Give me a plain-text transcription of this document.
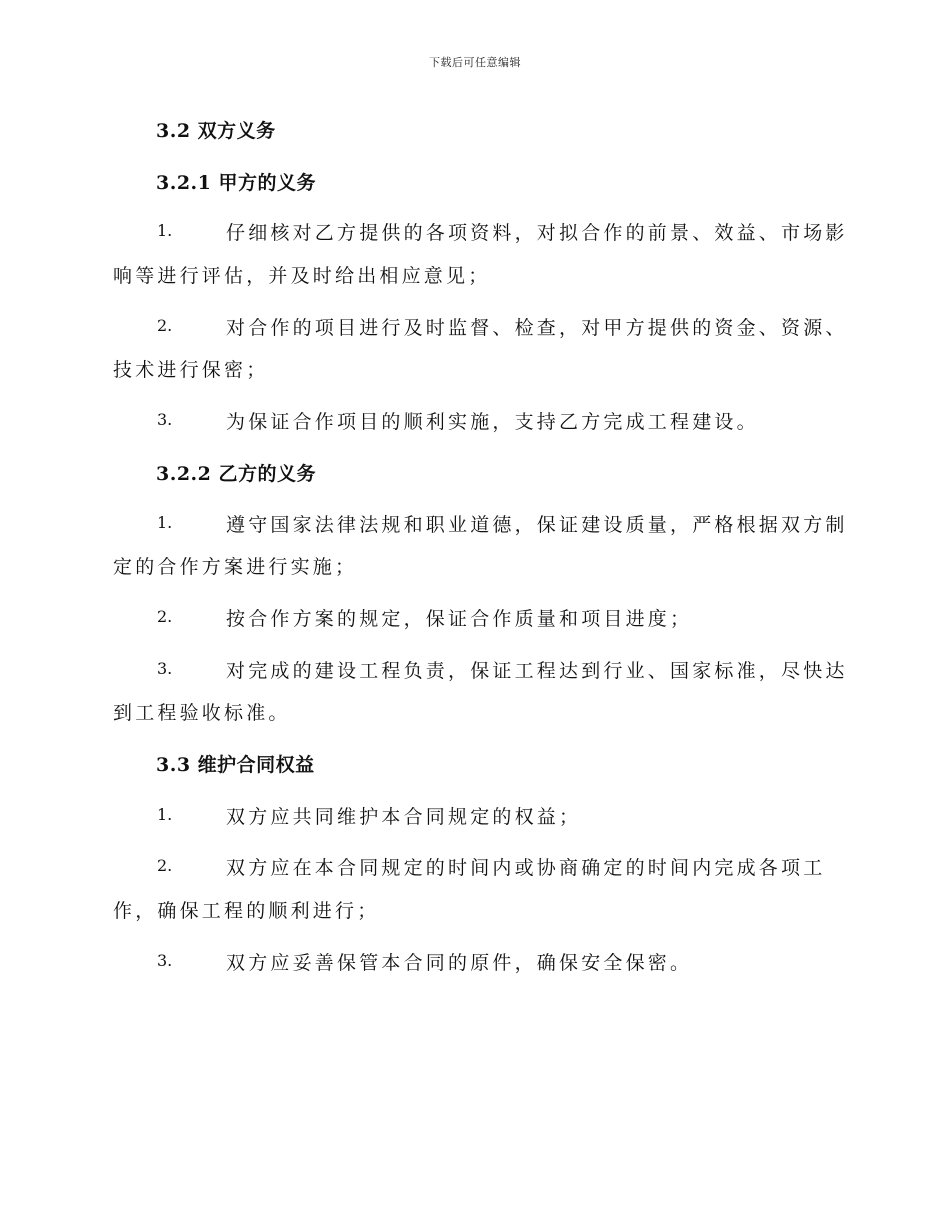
下载后可任意编辑
3.2 双方义务
3.2.1 甲方的义务
1.	仔细核对乙方提供的各项资料，对拟合作的前景、效益、市场影
响等进行评估，并及时给出相应意见；
2.	对合作的项目进行及时监督、检查，对甲方提供的资金、资源、
技术进行保密；
3.	为保证合作项目的顺利实施，支持乙方完成工程建设。
3.2.2 乙方的义务
1.	遵守国家法律法规和职业道德，保证建设质量，严格根据双方制
定的合作方案进行实施；
2.	按合作方案的规定，保证合作质量和项目进度；
3.	对完成的建设工程负责，保证工程达到行业、国家标准，尽快达
到工程验收标准。
3.3 维护合同权益
1.	双方应共同维护本合同规定的权益；
2.	双方应在本合同规定的时间内或协商确定的时间内完成各项工
作，确保工程的顺利进行；
3.	双方应妥善保管本合同的原件，确保安全保密。
